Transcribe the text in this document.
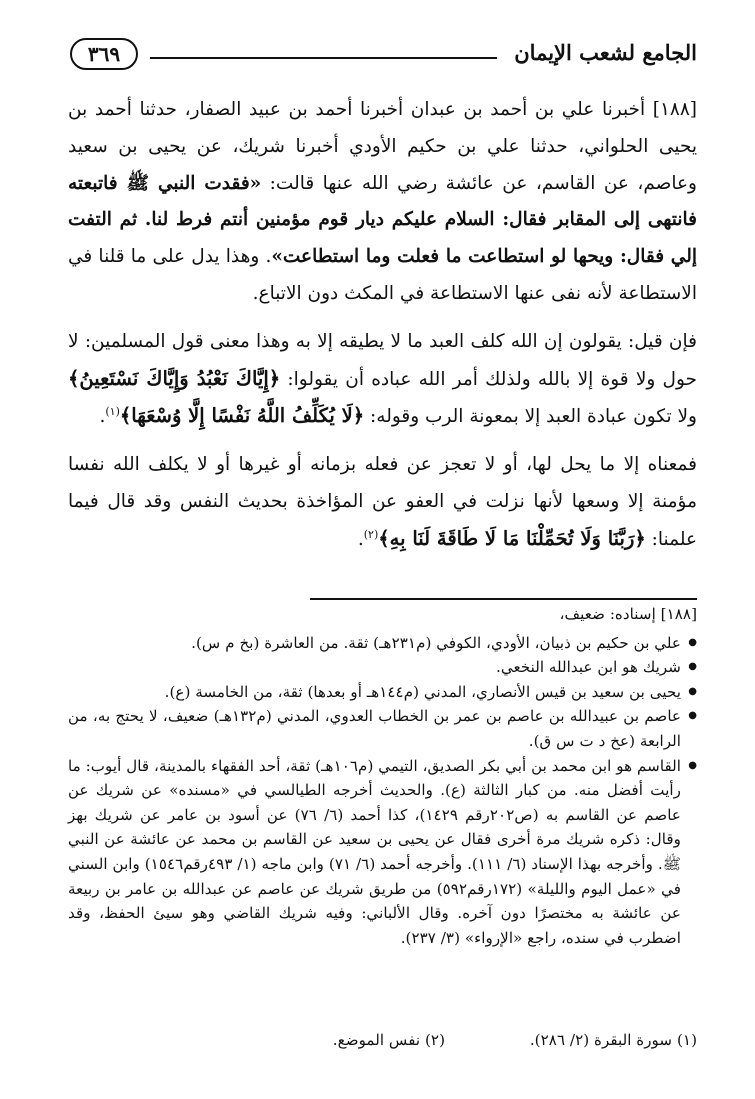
الجامع لشعب الإيمان
٣٦٩

[١٨٨] أخبرنا علي بن أحمد بن عبدان أخبرنا أحمد بن عبيد الصفار، حدثنا أحمد بن يحيى الحلواني، حدثنا علي بن حكيم الأودي أخبرنا شريك، عن يحيى بن سعيد وعاصم، عن القاسم، عن عائشة رضي الله عنها قالت: «فقدت النبي ﷺ فاتبعته فانتهى إلى المقابر فقال: السلام عليكم ديار قوم مؤمنين أنتم فرط لنا. ثم التفت إلي فقال: ويحها لو استطاعت ما فعلت وما استطاعت». وهذا يدل على ما قلنا في الاستطاعة لأنه نفى عنها الاستطاعة في المكث دون الاتباع.

فإن قيل: يقولون إن الله كلف العبد ما لا يطيقه إلا به وهذا معنى قول المسلمين: لا حول ولا قوة إلا بالله ولذلك أمر الله عباده أن يقولوا: ﴿إِيَّاكَ نَعْبُدُ وَإِيَّاكَ نَسْتَعِينُ﴾ ولا تكون عبادة العبد إلا بمعونة الرب وقوله: ﴿لَا يُكَلِّفُ اللَّهُ نَفْسًا إِلَّا وُسْعَهَا﴾$^{(١)}$.

فمعناه إلا ما يحل لها، أو لا تعجز عن فعله بزمانه أو غيرها أو لا يكلف الله نفسا مؤمنة إلا وسعها لأنها نزلت في العفو عن المؤاخذة بحديث النفس وقد قال فيما علمنا: ﴿رَبَّنَا وَلَا تُحَمِّلْنَا مَا لَا طَاقَةَ لَنَا بِهِ﴾$^{(٢)}$.

[١٨٨] إسناده: ضعيف،

● علي بن حكيم بن ذبيان، الأودي، الكوفي (م٢٣١هـ) ثقة. من العاشرة (بخ م س).
● شريك هو ابن عبدالله النخعي.
● يحيى بن سعيد بن قيس الأنصاري، المدني (م١٤٤هـ أو بعدها) ثقة، من الخامسة (ع).
● عاصم بن عبيدالله بن عاصم بن عمر بن الخطاب العدوي، المدني (م١٣٢هـ) ضعيف، لا يحتج به، من الرابعة (عخ د ت س ق).
● القاسم هو ابن محمد بن أبي بكر الصديق، التيمي (م١٠٦هـ) ثقة، أحد الفقهاء بالمدينة، قال أيوب: ما رأيت أفضل منه. من كبار الثالثة (ع). والحديث أخرجه الطيالسي في «مسنده» عن شريك عن عاصم عن القاسم به (ص٢٠٢رقم ١٤٢٩)، كذا أحمد (٦/ ٧٦) عن أسود بن عامر عن شريك بهز وقال: ذكره شريك مرة أخرى فقال عن يحيى بن سعيد عن القاسم بن محمد عن عائشة عن النبي ﷺ. وأخرجه بهذا الإسناد (٦/ ١١١). وأخرجه أحمد (٦/ ٧١) وابن ماجه (١/ ٤٩٣رقم١٥٤٦) وابن السني في «عمل اليوم والليلة» (١٧٢رقم٥٩٢) من طريق شريك عن عاصم عن عبدالله بن عامر بن ربيعة عن عائشة به مختصرًا دون آخره. وقال الألباني: وفيه شريك القاضي وهو سيئ الحفظ، وقد اضطرب في سنده، راجع «الإرواء» (٣/ ٢٣٧).
(١) سورة البقرة (٢/ ٢٨٦). (٢) نفس الموضع.
